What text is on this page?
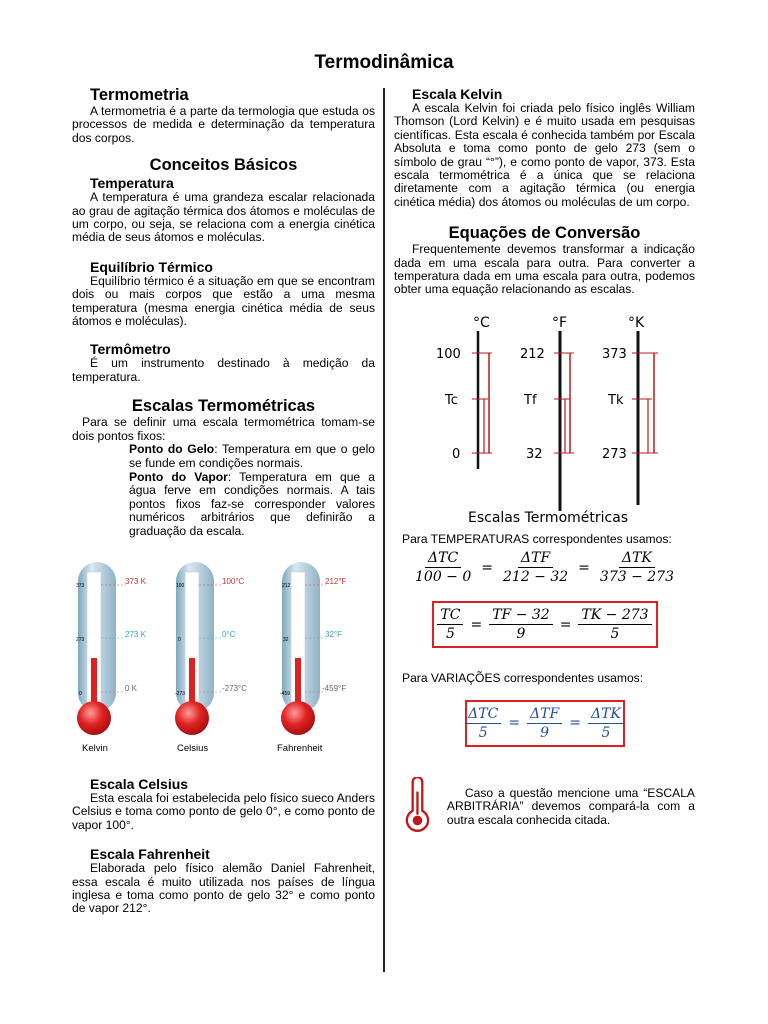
Termodinâmica
Termometria

A termometria é a parte da termologia que estuda os processos de medida e determinação da temperatura dos corpos.

Conceitos Básicos
Temperatura

A temperatura é uma grandeza escalar relacionada ao grau de agitação térmica dos átomos e moléculas de um corpo, ou seja, se relaciona com a energia cinética média de seus átomos e moléculas.

Equilíbrio Térmico

Equilíbrio térmico é a situação em que se encontram dois ou mais corpos que estão a uma mesma temperatura (mesma energia cinética média de seus átomos e moléculas).

Termômetro

É um instrumento destinado à medição da temperatura.

Escalas Termométricas

Para se definir uma escala termométrica tomam-se dois pontos fixos:

Ponto do Gelo: Temperatura em que o gelo se funde em condições normais.

Ponto do Vapor: Temperatura em que a água ferve em condições normais. A tais pontos fixos faz-se corresponder valores numéricos arbitrários que definirão a graduação da escala.

373
273
0
373 K
273 K
0 K
Kelvin
100
0
-273
100°C
0°C
-273°C
Celsius
212
32
-459
212°F
32°F
-459°F
Fahrenheit
Escala Celsius

Esta escala foi estabelecida pelo físico sueco Anders Celsius e toma como ponto de gelo 0°, e como ponto de vapor 100°.

Escala Fahrenheit

Elaborada pelo físico alemão Daniel Fahrenheit, essa escala é muito utilizada nos países de língua inglesa e toma como ponto de gelo 32° e como ponto de vapor 212°.

Escala Kelvin

A escala Kelvin foi criada pelo físico inglês William Thomson (Lord Kelvin) e é muito usada em pesquisas científicas. Esta escala é conhecida também por Escala Absoluta e toma como ponto de gelo 273 (sem o símbolo de grau “°”), e como ponto de vapor, 373. Esta escala termométrica é a única que se relaciona diretamente com a agitação térmica (ou energia cinética média) dos átomos ou moléculas de um corpo.

Equações de Conversão

Frequentemente devemos transformar a indicação dada em uma escala para outra. Para converter a temperatura dada em uma escala para outra, podemos obter uma equação relacionando as escalas.

°C	°F	°K
100
Tc
0
212
Tf
32
373
Tk
273
Escalas Termométricas

Para TEMPERATURAS correspondentes usamos:

$\frac{\text{ΔTC}}{100 - 0} = \frac{\text{ΔTF}}{212 - 32} = \frac{\text{ΔTK}}{373 - 273}$
$\frac{TC}{5} = \frac{TF - 32}{9} = \frac{TK - 273}{5}$

Para VARIAÇÕES correspondentes usamos:

$\frac{\text{ΔTC}}{5} = \frac{\text{ΔTF}}{9} = \frac{\text{ΔTK}}{5}$

Caso a questão mencione uma “ESCALA ARBITRÁRIA” devemos compará-la com a outra escala conhecida citada.
